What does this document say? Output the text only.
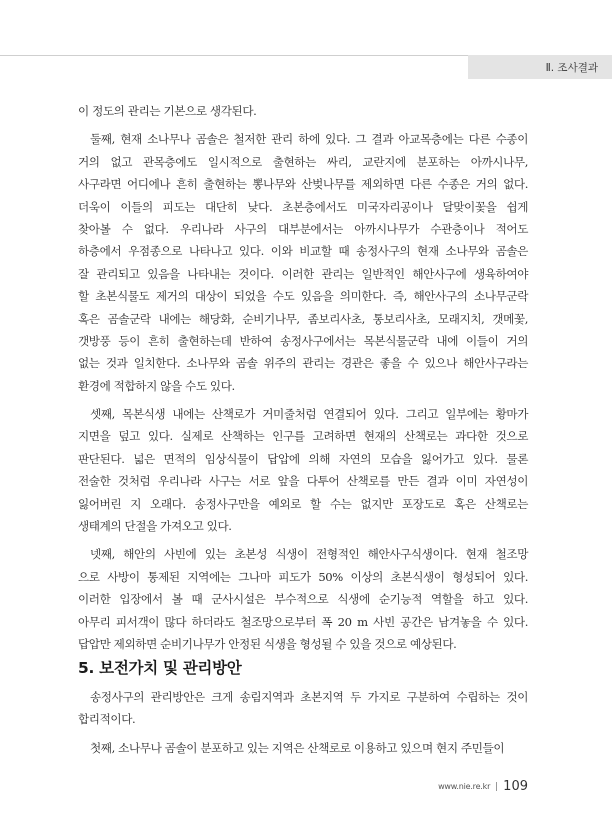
Ⅱ. 조사결과
이 정도의 관리는 기본으로 생각된다.
둘째, 현재 소나무나 곰솔은 철저한 관리 하에 있다. 그 결과 아교목층에는 다른 수종이
거의 없고 관목층에도 일시적으로 출현하는 싸리, 교란지에 분포하는 아까시나무,
사구라면 어디에나 흔히 출현하는 뽕나무와 산벚나무를 제외하면 다른 수종은 거의 없다.
더욱이 이들의 피도는 대단히 낮다. 초본층에서도 미국자리공이나 달맞이꽃을 쉽게
찾아볼 수 없다. 우리나라 사구의 대부분에서는 아까시나무가 수관층이나 적어도
하층에서 우점종으로 나타나고 있다. 이와 비교할 때 송정사구의 현재 소나무와 곰솔은
잘 관리되고 있음을 나타내는 것이다. 이러한 관리는 일반적인 해안사구에 생육하여야
할 초본식물도 제거의 대상이 되었을 수도 있음을 의미한다. 즉, 해안사구의 소나무군락
혹은 곰솔군락 내에는 해당화, 순비기나무, 좀보리사초, 통보리사초, 모래지치, 갯메꽃,
갯방풍 등이 흔히 출현하는데 반하여 송정사구에서는 목본식물군락 내에 이들이 거의
없는 것과 일치한다. 소나무와 곰솔 위주의 관리는 경관은 좋을 수 있으나 해안사구라는
환경에 적합하지 않을 수도 있다.
셋째, 목본식생 내에는 산책로가 거미줄처럼 연결되어 있다. 그리고 일부에는 황마가
지면을 덮고 있다. 실제로 산책하는 인구를 고려하면 현재의 산책로는 과다한 것으로
판단된다. 넓은 면적의 임상식물이 답압에 의해 자연의 모습을 잃어가고 있다. 물론
전술한 것처럼 우리나라 사구는 서로 앞을 다투어 산책로를 만든 결과 이미 자연성이
잃어버린 지 오래다. 송정사구만을 예외로 할 수는 없지만 포장도로 혹은 산책로는
생태계의 단절을 가져오고 있다.
넷째, 해안의 사빈에 있는 초본성 식생이 전형적인 해안사구식생이다. 현재 철조망
으로 사방이 통제된 지역에는 그나마 피도가 50% 이상의 초본식생이 형성되어 있다.
이러한 입장에서 볼 때 군사시설은 부수적으로 식생에 순기능적 역할을 하고 있다.
아무리 피서객이 많다 하더라도 철조망으로부터 폭 20 m 사빈 공간은 남겨놓을 수 있다.
답압만 제외하면 순비기나무가 안정된 식생을 형성될 수 있을 것으로 예상된다.
5. 보전가치 및 관리방안
송정사구의 관리방안은 크게 송림지역과 초본지역 두 가지로 구분하여 수립하는 것이
합리적이다.
첫째, 소나무나 곰솔이 분포하고 있는 지역은 산책로로 이용하고 있으며 현지 주민들이
www.nie.re.kr 109
